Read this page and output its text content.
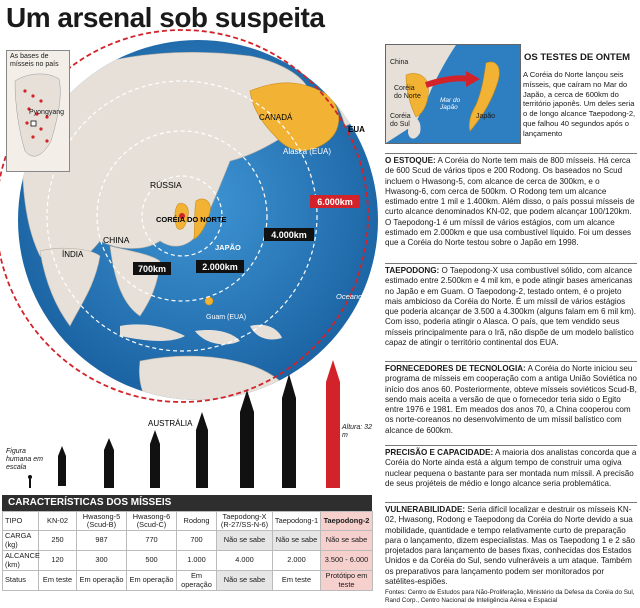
Um arsenal sob suspeita
700km	2.000km
4.000km
6.000km
CANADÁ
EUA
Alasca (EUA)
RÚSSIA
CHINA
CORÉIA DO NORTE
JAPÃO
ÍNDIA
Oceano Pacífico
Guam (EUA)
AUSTRÁLIA
As bases de mísseis no país
Pyongyang
Figura humana em escala
Altura: 32 m
CARACTERÍSTICAS DOS MÍSSEIS
TIPO	KN-02	Hwasong-5 (Scud-B)	Hwasong-6 (Scud-C)	Rodong	Taepodong-X (R-27/SS-N-6)	Taepodong-1	Taepodong-2
CARGA (kg)	250	987	770	700	Não se sabe	Não se sabe	Não se sabe
ALCANCE (km)	120	300	500	1.000	4.000	2.000	3.500 - 6.000
Status	Em teste	Em operação	Em operação	Em operação	Não se sabe	Em teste	Protótipo em teste
China
Coréia do Norte
Coréia do Sul
Mar do Japão
Japão
OS TESTES DE ONTEM
A Coréia do Norte lançou seis mísseis, que caíram no Mar do Japão, a cerca de 600km do território japonês. Um deles seria o de longo alcance Taepodong-2, que falhou 40 segundos após o lançamento

O ESTOQUE: A Coréia do Norte tem mais de 800 mísseis. Há cerca de 600 Scud de vários tipos e 200 Rodong. Os baseados no Scud incluem o Hwasong-5, com alcance de cerca de 300km, e o Hwasong-6, com cerca de 500km. O Rodong tem um alcance estimado entre 1 mil e 1.400km. Além disso, o país possui mísseis de curto alcance denominados KN-02, que podem alcançar 100/120km. O Taepodong-1 é um míssil de vários estágios, com um alcance estimado em 2.000km e que usa combustível líquido. Foi um desses que a Coréia do Norte testou sobre o Japão em 1998.

TAEPODONG: O Taepodong-X usa combustível sólido, com alcance estimado entre 2.500km e 4 mil km, e pode atingir bases americanas no Japão e em Guam. O Taepodong-2, testado ontem, é o projeto mais ambicioso da Coréia do Norte. É um míssil de vários estágios que poderia alcançar de 3.500 a 4.300km (alguns falam em 6 mil km). Com isso, poderia atingir o Alasca. O país, que tem vendido seus mísseis principalmente para o Irã, não dispõe de um modelo balístico capaz de atingir o território continental dos EUA.

FORNECEDORES DE TECNOLOGIA: A Coréia do Norte iniciou seu programa de mísseis em cooperação com a antiga União Soviética no início dos anos 60. Posteriormente, obteve mísseis soviéticos Scud-B, sendo mais aceita a versão de que o fornecedor teria sido o Egito entre 1976 e 1981. Em meados dos anos 70, a China cooperou com os norte-coreanos no desenvolvimento de um míssil balístico com alcance de 600km.

PRECISÃO E CAPACIDADE: A maioria dos analistas concorda que a Coréia do Norte ainda está a algum tempo de construir uma ogiva nuclear pequena o bastante para ser montada num míssil. A precisão de seus projéteis de médio e longo alcance seria problemática.

VULNERABILIDADE: Seria difícil localizar e destruir os mísseis KN-02, Hwasong, Rodong e Taepodong da Coréia do Norte devido a sua mobilidade, quantidade e tempo relativamente curto de preparação para o lançamento, dizem especialistas. Mas os Taepodong 1 e 2 são projetados para lançamento de bases fixas, conhecidas dos Estados Unidos e da Coréia do Sul, sendo vulneráveis a um ataque. Também os preparativos para lançamento podem ser monitorados por satélites-espiões.

Fontes: Centro de Estudos para Não-Proliferação, Ministério da Defesa da Coréia do Sul, Rand Corp., Centro Nacional de Inteligência Aérea e Espacial
